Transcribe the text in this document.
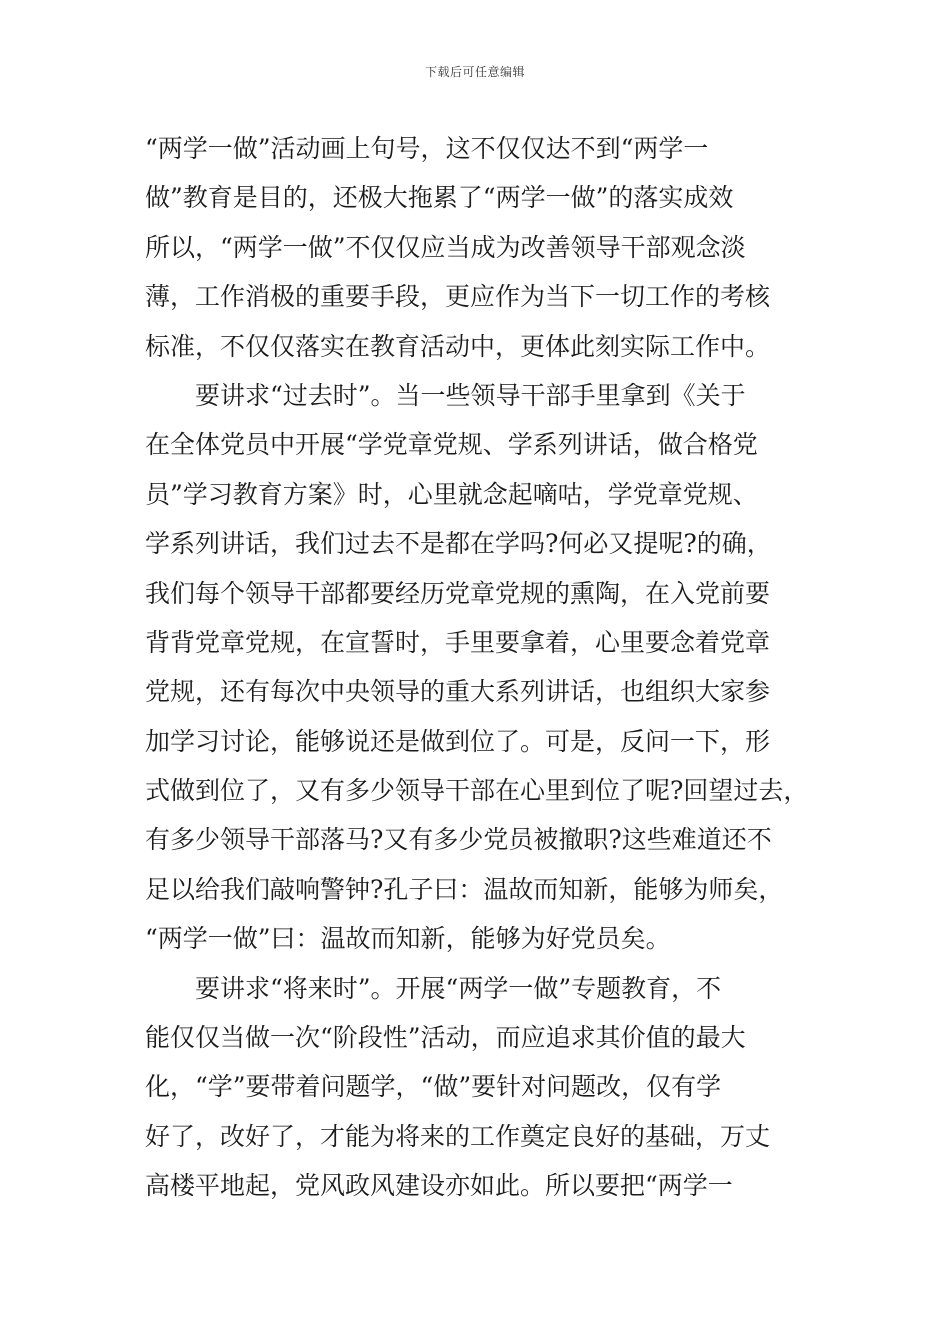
下载后可任意编辑
“两学一做”活动画上句号，这不仅仅达不到“两学一
做”教育是目的，还极大拖累了“两学一做”的落实成效
所以，“两学一做”不仅仅应当成为改善领导干部观念淡
薄，工作消极的重要手段，更应作为当下一切工作的考核
标准，不仅仅落实在教育活动中，更体此刻实际工作中。
要讲求“过去时”。当一些领导干部手里拿到《关于
在全体党员中开展“学党章党规、学系列讲话，做合格党
员”学习教育方案》时，心里就念起嘀咕，学党章党规、
学系列讲话，我们过去不是都在学吗?何必又提呢?的确，
我们每个领导干部都要经历党章党规的熏陶，在入党前要
背背党章党规，在宣誓时，手里要拿着，心里要念着党章
党规，还有每次中央领导的重大系列讲话，也组织大家参
加学习讨论，能够说还是做到位了。可是，反问一下，形
式做到位了，又有多少领导干部在心里到位了呢?回望过去，
有多少领导干部落马?又有多少党员被撤职?这些难道还不
足以给我们敲响警钟?孔子曰：温故而知新，能够为师矣，
“两学一做”曰：温故而知新，能够为好党员矣。
要讲求“将来时”。开展“两学一做”专题教育，不
能仅仅当做一次“阶段性”活动，而应追求其价值的最大
化，“学”要带着问题学，“做”要针对问题改，仅有学
好了，改好了，才能为将来的工作奠定良好的基础，万丈
高楼平地起，党风政风建设亦如此。所以要把“两学一
